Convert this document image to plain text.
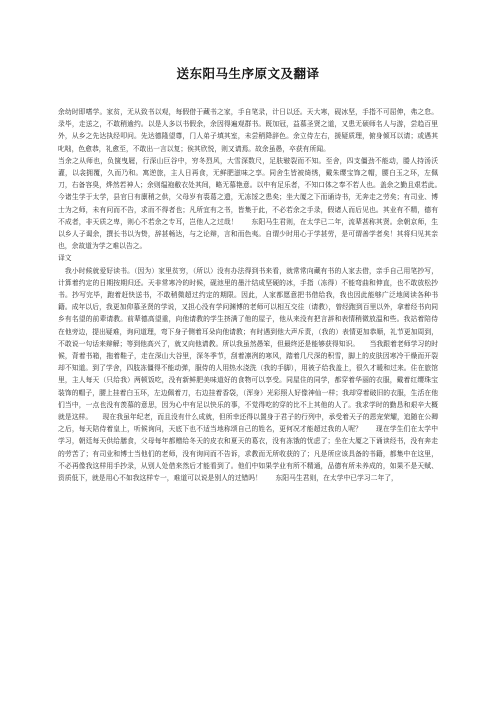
送东阳马生序原文及翻译

余幼时即嗜学。家贫，无从致书以观，每假借于藏书之家，手自笔录，计日以还。天大寒，砚冰坚，手指不可屈伸，弗之怠。录毕，走送之，不敢稍逾约。以是人多以书假余，余因得遍观群书。既加冠，益慕圣贤之道，又患无硕师名人与游，尝趋百里外，从乡之先达执经叩问。先达德隆望尊，门人弟子填其室，未尝稍降辞色。余立侍左右，援疑质理，俯身倾耳以请；或遇其叱咄，色愈恭，礼愈至，不敢出一言以复；俟其欣悦，则又请焉。故余虽愚，卒获有所闻。

当余之从师也，负箧曳屣，行深山巨谷中，穷冬烈风，大雪深数尺，足肤皲裂而不知。至舍，四支僵劲不能动，媵人持汤沃灌，以衾拥覆，久而乃和。寓逆旅，主人日再食，无鲜肥滋味之享。同舍生皆被绮绣，戴朱缨宝饰之帽，腰白玉之环，左佩刀，右备容臭，烨然若神人；余则缊袍敝衣处其间，略无慕艳意。以中有足乐者，不知口体之奉不若人也。盖余之勤且艰若此。　　今诸生学于太学，县官日有廪稍之供，父母岁有裘葛之遗，无冻馁之患矣；坐大厦之下而诵诗书，无奔走之劳矣；有司业、博士为之师，未有问而不告，求而不得者也；凡所宜有之书，皆集于此，不必若余之手录，假诸人而后见也。其业有不精，德有不成者，非天质之卑，则心不若余之专耳，岂他人之过哉！　　东阳马生君则，在太学已二年，流辈甚称其贤。余朝京师，生以乡人子谒余，撰长书以为贽，辞甚畅达，与之论辩，言和而色夷。自谓少时用心于学甚劳，是可谓善学者矣！其将归见其亲也，余故道为学之难以告之。

译文

　我小时候就爱好读书。（因为）家里贫穷，（所以）没有办法得到书来看，就常常向藏有书的人家去借，亲手自己用笔抄写，计算着约定的日期按期归还。天非常寒冷的时候，砚池里的墨汁结成坚硬的冰，手指（冻得）不能弯曲和伸直，也不敢放松抄书。抄写完毕，跑着赶快送书，不敢稍微超过约定的期限。因此，人家都愿意把书借给我，我也因此能够广泛地阅读各种书籍。成年以后，我更加仰慕圣贤的学说，又担心没有学问渊博的老师可以相互交往（请教），曾经跑到百里以外，拿着经书向同乡有名望的前辈请教。前辈德高望重，向他请教的学生挤满了他的屋子，他从来没有把言辞和表情稍微放温和些。我站着陪侍在他旁边，提出疑难，询问道理，弯下身子侧着耳朵向他请教；有时遇到他大声斥责，（我的）表情更加恭顺，礼节更加周到，不敢说一句话来辩解；等到他高兴了，就又向他请教。所以我虽然愚笨，但最终还是能够获得知识。　　当我跟着老师学习的时候，背着书箱，拖着鞋子，走在深山大谷里，深冬季节，刮着凛冽的寒风，踏着几尺深的积雪，脚上的皮肤因寒冷干燥而开裂却不知道。到了学舍，四肢冻僵得不能动弹，服侍的人用热水浇洗（我的手脚），用被子给我盖上，很久才暖和过来。住在旅馆里，主人每天（只给我）两顿饭吃，没有新鲜肥美味道好的食物可以享受。同屋住的同学，都穿着华丽的衣服，戴着红缨珠宝装饰的帽子，腰上挂着白玉环，左边佩着刀，右边挂着香袋，（浑身）光彩照人好像神仙一样；我却穿着破旧的衣服，生活在他们当中，一点也没有羡慕的意思，因为心中有足以快乐的事，不觉得吃的穿的比不上其他的人了。我求学时的勤恳和艰辛大概就是这样。　　现在我虽年纪老，而且没有什么成就，但所幸还得以置身于君子的行列中，承受着天子的恩宠荣耀，追随在公卿之后，每天陪侍着皇上，听候询问，天底下也不适当地称颂自己的姓名，更何况才能超过我的人呢？　　现在学生们在太学中学习，朝廷每天供给膳食，父母每年都赠给冬天的皮衣和夏天的葛衣，没有冻饿的忧虑了；坐在大厦之下诵读经书，没有奔走的劳苦了；有司业和博士当他们的老师，没有询问而不告诉，求教而无所收获的了；凡是所应该具备的书籍，都集中在这里，不必再像我这样用手抄录，从别人处借来然后才能看到了。他们中如果学业有所不精通，品德有所未养成的，如果不是天赋、资质低下，就是用心不如我这样专一，难道可以说是别人的过错吗！　　东阳马生君则，在太学中已学习二年了，
